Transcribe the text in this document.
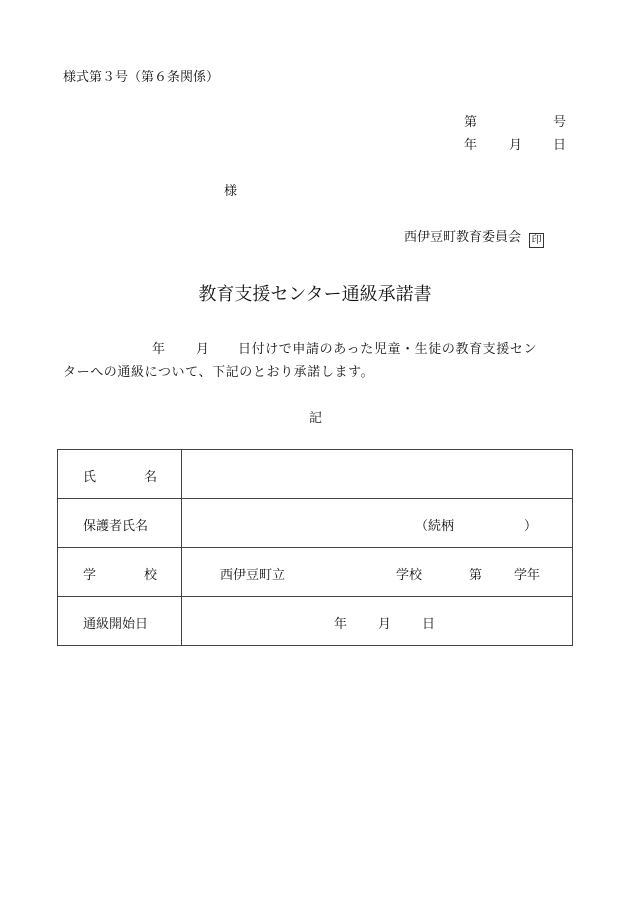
様式第３号（第６条関係）
第	号
年 月 日
様
西伊豆町教育委員会 印
教育支援センター通級承諾書
年 月 日付けで申請のあった児童・生徒の教育支援セン
ターへの通級について、下記のとおり承諾します。
記
氏 名	

保護者氏名	（続柄 ）

学 校	西伊豆町立 学校 第 学年

通級開始日	年 月 日
